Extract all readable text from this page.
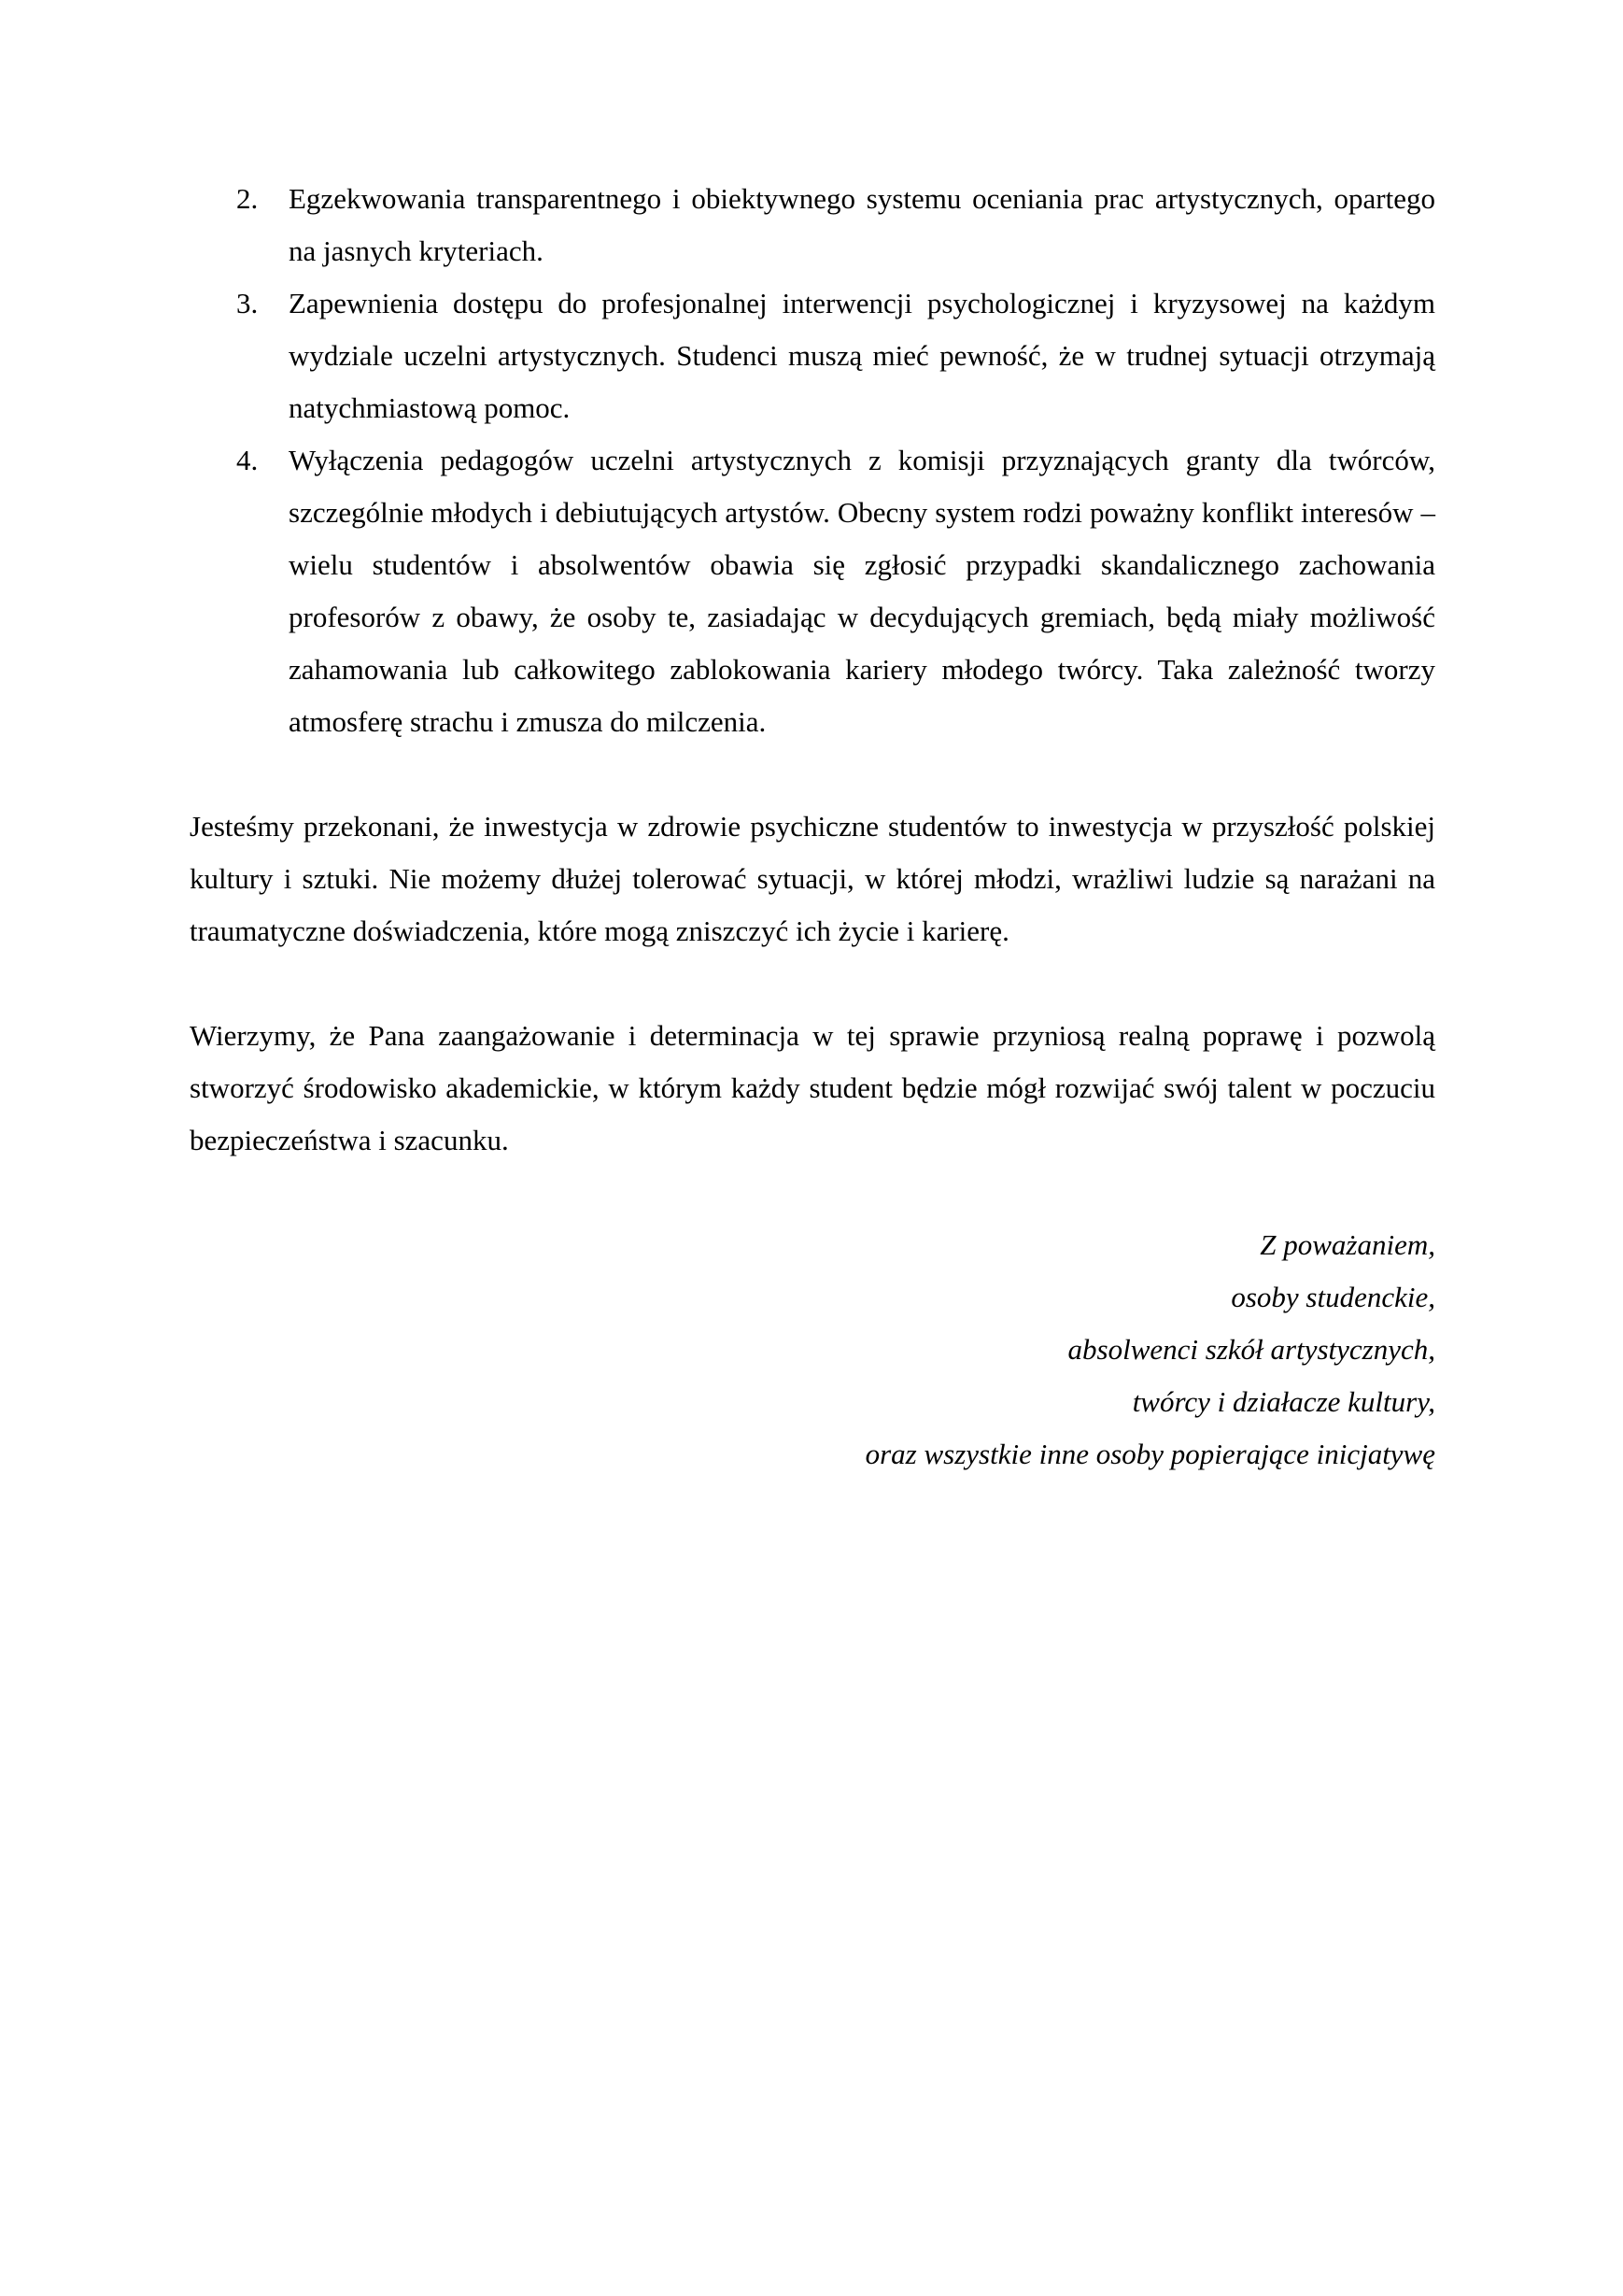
2. Egzekwowania transparentnego i obiektywnego systemu oceniania prac artystycznych, opartego na jasnych kryteriach.
3. Zapewnienia dostępu do profesjonalnej interwencji psychologicznej i kryzysowej na każdym wydziale uczelni artystycznych. Studenci muszą mieć pewność, że w trudnej sytuacji otrzymają natychmiastową pomoc.
4. Wyłączenia pedagogów uczelni artystycznych z komisji przyznających granty dla twórców, szczególnie młodych i debiutujących artystów. Obecny system rodzi poważny konflikt interesów – wielu studentów i absolwentów obawia się zgłosić przypadki skandalicznego zachowania profesorów z obawy, że osoby te, zasiadając w decydujących gremiach, będą miały możliwość zahamowania lub całkowitego zablokowania kariery młodego twórcy. Taka zależność tworzy atmosferę strachu i zmusza do milczenia.

Jesteśmy przekonani, że inwestycja w zdrowie psychiczne studentów to inwestycja w przyszłość polskiej kultury i sztuki. Nie możemy dłużej tolerować sytuacji, w której młodzi, wrażliwi ludzie są narażani na traumatyczne doświadczenia, które mogą zniszczyć ich życie i karierę.

Wierzymy, że Pana zaangażowanie i determinacja w tej sprawie przyniosą realną poprawę i pozwolą stworzyć środowisko akademickie, w którym każdy student będzie mógł rozwijać swój talent w poczuciu bezpieczeństwa i szacunku.

Z poważaniem,
osoby studenckie,
absolwenci szkół artystycznych,
twórcy i działacze kultury,
oraz wszystkie inne osoby popierające inicjatywę
